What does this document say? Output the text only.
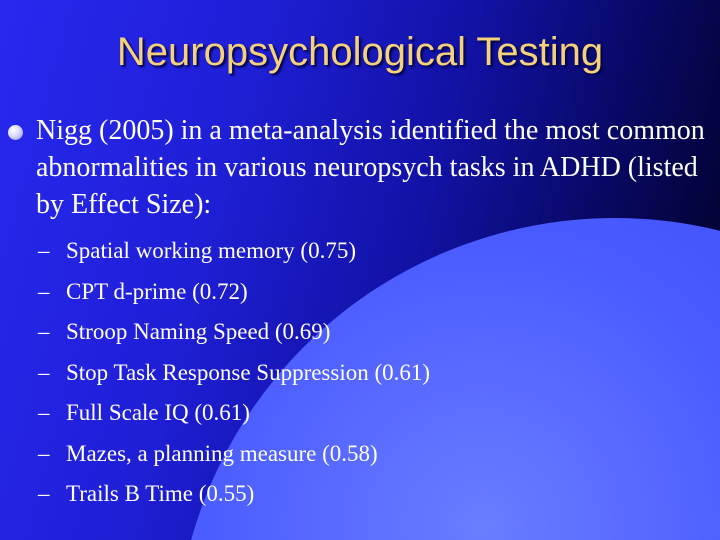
Neuropsychological Testing
Nigg (2005) in a meta-analysis identified the most common abnormalities in various neuropsych tasks in ADHD (listed by Effect Size):
– Spatial working memory (0.75)
– CPT d-prime (0.72)
– Stroop Naming Speed (0.69)
– Stop Task Response Suppression (0.61)
– Full Scale IQ (0.61)
– Mazes, a planning measure (0.58)
– Trails B Time (0.55)
